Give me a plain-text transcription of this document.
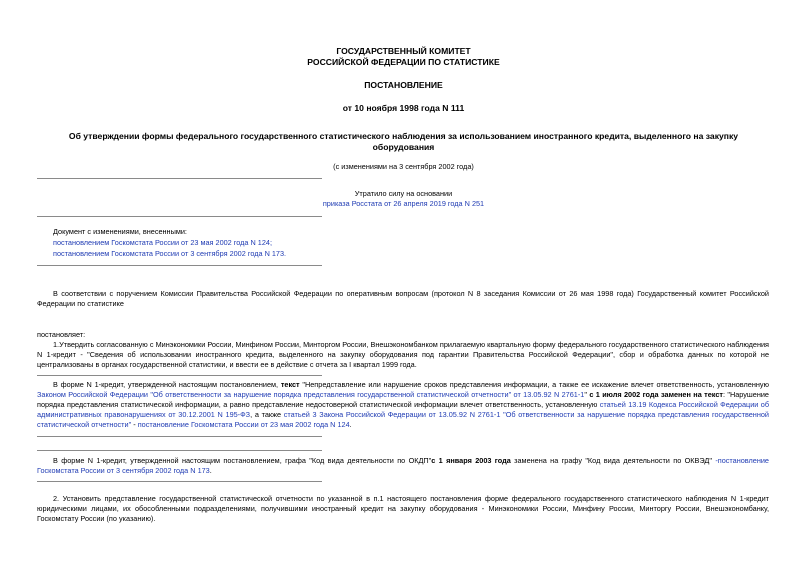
ГОСУДАРСТВЕННЫЙ КОМИТЕТ
РОССИЙСКОЙ ФЕДЕРАЦИИ ПО СТАТИСТИКЕ
ПОСТАНОВЛЕНИЕ
от 10 ноября 1998 года N 111
Об утверждении формы федерального государственного статистического наблюдения за использованием иностранного кредита, выделенного на закупку оборудования
(с изменениями на 3 сентября 2002 года)
Утратило силу на основании
приказа Росстата от 26 апреля 2019 года N 251
Документ с изменениями, внесенными:
постановлением Госкомстата России от 23 мая 2002 года N 124;
постановлением Госкомстата России от 3 сентября 2002 года N 173.
В соответствии с поручением Комиссии Правительства Российской Федерации по оперативным вопросам (протокол N 8 заседания Комиссии от 26 мая 1998 года) Государственный комитет Российской Федерации по статистике
постановляет:
1.Утвердить согласованную с Минэкономики России, Минфином России, Минторгом России, Внешэкономбанком прилагаемую квартальную форму федерального государственного статистического наблюдения N 1-кредит - "Сведения об использовании иностранного кредита, выделенного на закупку оборудования под гарантии Правительства Российской Федерации", сбор и обработка данных по которой не централизованы в органах государственной статистики, и ввести ее в действие с отчета за I квартал 1999 года.
В форме N 1-кредит, утвержденной настоящим постановлением, текст "Непредставление или нарушение сроков представления информации, а также ее искажение влечет ответственность, установленную Законом Российской Федерации "Об ответственности за нарушение порядка представления государственной статистической отчетности" от 13.05.92 N 2761-1" с 1 июля 2002 года заменен на текст: "Нарушение порядка представления статистической информации, а равно представление недостоверной статистической информации влечет ответственность, установленную статьей 13.19 Кодекса Российской Федерации об административных правонарушениях от 30.12.2001 N 195-ФЗ, а также статьей 3 Закона Российской Федерации от 13.05.92 N 2761-1 "Об ответственности за нарушение порядка представления государственной статистической отчетности" - постановление Госкомстата России от 23 мая 2002 года N 124.
В форме N 1-кредит, утвержденной настоящим постановлением, графа "Код вида деятельности по ОКДП"с 1 января 2003 года заменена на графу "Код вида деятельности по ОКВЭД" -постановление Госкомстата России от 3 сентября 2002 года N 173.
2. Установить представление государственной статистической отчетности по указанной в п.1 настоящего постановления форме федерального государственного статистического наблюдения N 1-кредит юридическими лицами, их обособленными подразделениями, получившими иностранный кредит на закупку оборудования - Минэкономики России, Минфину России, Минторгу России, Внешэкономбанку, Госкомстату России (по указанию).
